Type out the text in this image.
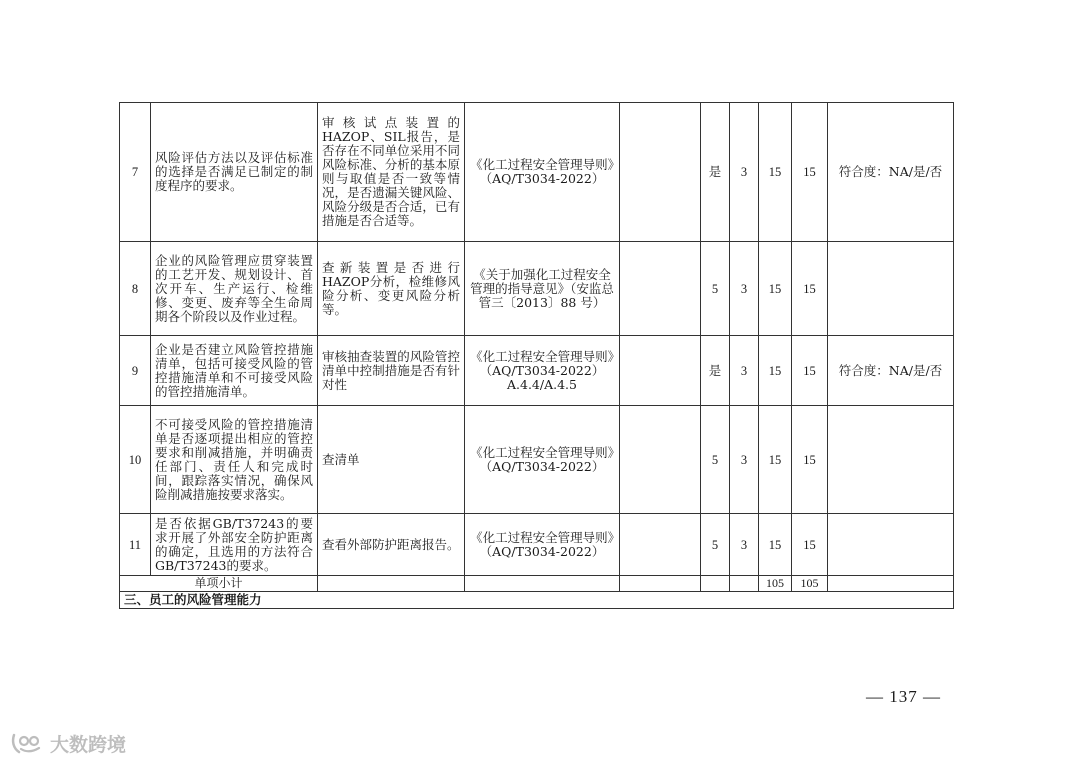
7	风险评估方法以及评估标准的选择是否满足已制定的制度程序的要求。	审核试点装置的HAZOP、SIL报告，是否存在不同单位采用不同风险标准、分析的基本原则与取值是否一致等情况，是否遗漏关键风险、风险分级是否合适，已有措施是否合适等。	《化工过程安全管理导则》（AQ/T3034-2022）		是	3	15	15	符合度：NA/是/否
8	企业的风险管理应贯穿装置的工艺开发、规划设计、首次开车、生产运行、检维修、变更、废弃等全生命周期各个阶段以及作业过程。	查新装置是否进行HAZOP分析，检维修风险分析、变更风险分析等。	《关于加强化工过程安全管理的指导意见》（安监总管三〔2013〕88 号）		5	3	15	15	
9	企业是否建立风险管控措施清单，包括可接受风险的管控措施清单和不可接受风险的管控措施清单。	审核抽查装置的风险管控清单中控制措施是否有针对性	《化工过程安全管理导则》（AQ/T3034-2022）A.4.4/A.4.5		是	3	15	15	符合度：NA/是/否
10	不可接受风险的管控措施清单是否逐项提出相应的管控要求和削减措施，并明确责任部门、责任人和完成时间，跟踪落实情况，确保风险削减措施按要求落实。	查清单	《化工过程安全管理导则》（AQ/T3034-2022）		5	3	15	15	
11	是否依据GB/T37243的要求开展了外部安全防护距离的确定，且选用的方法符合GB/T37243的要求。	查看外部防护距离报告。	《化工过程安全管理导则》（AQ/T3034-2022）		5	3	15	15	
单项小计							105	105	
三、员工的风险管理能力									
— 137 —
大数跨境
